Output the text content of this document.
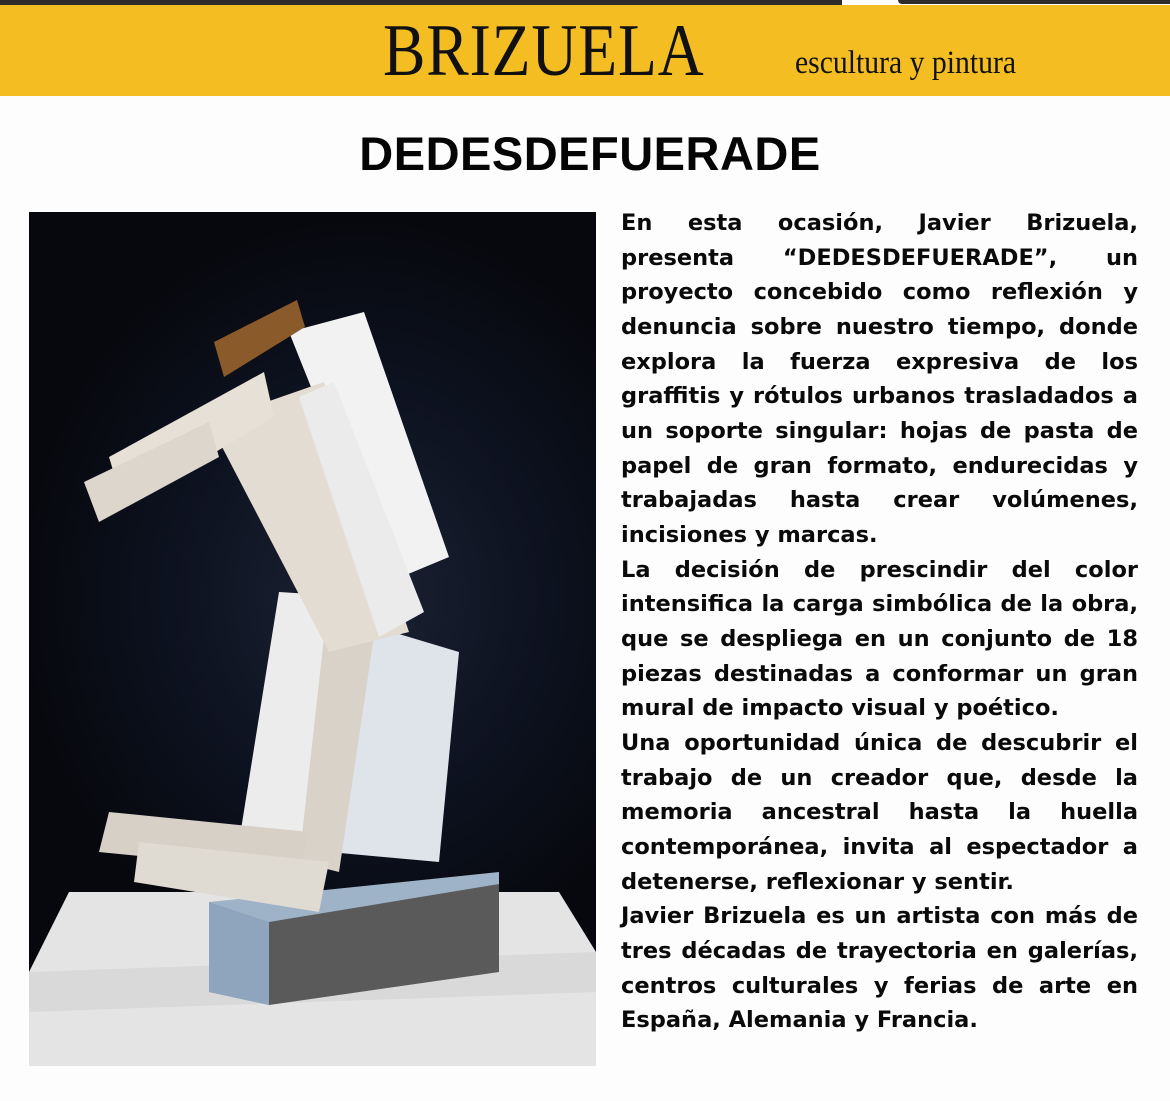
BRIZUELA	escultura y pintura
DEDESDEFUERADE

En esta ocasión, Javier Brizuela, presenta “DEDESDEFUERADE”, un proyecto concebido como reflexión y denuncia sobre nuestro tiempo, donde explora la fuerza expresiva de los graffitis y rótulos urbanos trasladados a un soporte singular: hojas de pasta de papel de gran formato, endurecidas y trabajadas hasta crear volúmenes, incisiones y marcas.

La decisión de prescindir del color intensifica la carga simbólica de la obra, que se despliega en un conjunto de 18 piezas destinadas a conformar un gran mural de impacto visual y poético.

Una oportunidad única de descubrir el trabajo de un creador que, desde la memoria ancestral hasta la huella contemporánea, invita al espectador a detenerse, reflexionar y sentir.

Javier Brizuela es un artista con más de tres décadas de trayectoria en galerías, centros culturales y ferias de arte en España, Alemania y Francia.
